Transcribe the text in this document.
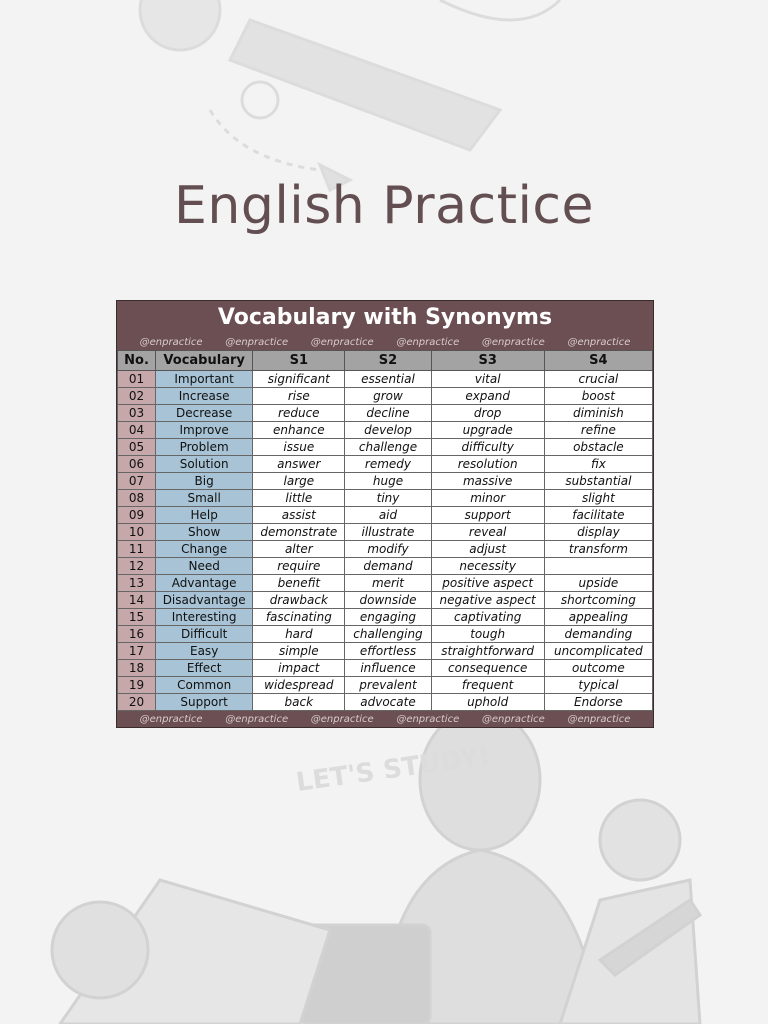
LET'S STUDY!
English Practice
Vocabulary with Synonyms
@enpractice @enpractice @enpractice @enpractice @enpractice @enpractice
No.	Vocabulary	S1	S2	S3	S4
01	Important	significant	essential	vital	crucial
02	Increase	rise	grow	expand	boost
03	Decrease	reduce	decline	drop	diminish
04	Improve	enhance	develop	upgrade	refine
05	Problem	issue	challenge	difficulty	obstacle
06	Solution	answer	remedy	resolution	fix
07	Big	large	huge	massive	substantial
08	Small	little	tiny	minor	slight
09	Help	assist	aid	support	facilitate
10	Show	demonstrate	illustrate	reveal	display
11	Change	alter	modify	adjust	transform
12	Need	require	demand	necessity	
13	Advantage	benefit	merit	positive aspect	upside
14	Disadvantage	drawback	downside	negative aspect	shortcoming
15	Interesting	fascinating	engaging	captivating	appealing
16	Difficult	hard	challenging	tough	demanding
17	Easy	simple	effortless	straightforward	uncomplicated
18	Effect	impact	influence	consequence	outcome
19	Common	widespread	prevalent	frequent	typical
20	Support	back	advocate	uphold	Endorse
@enpractice @enpractice @enpractice @enpractice @enpractice @enpractice
